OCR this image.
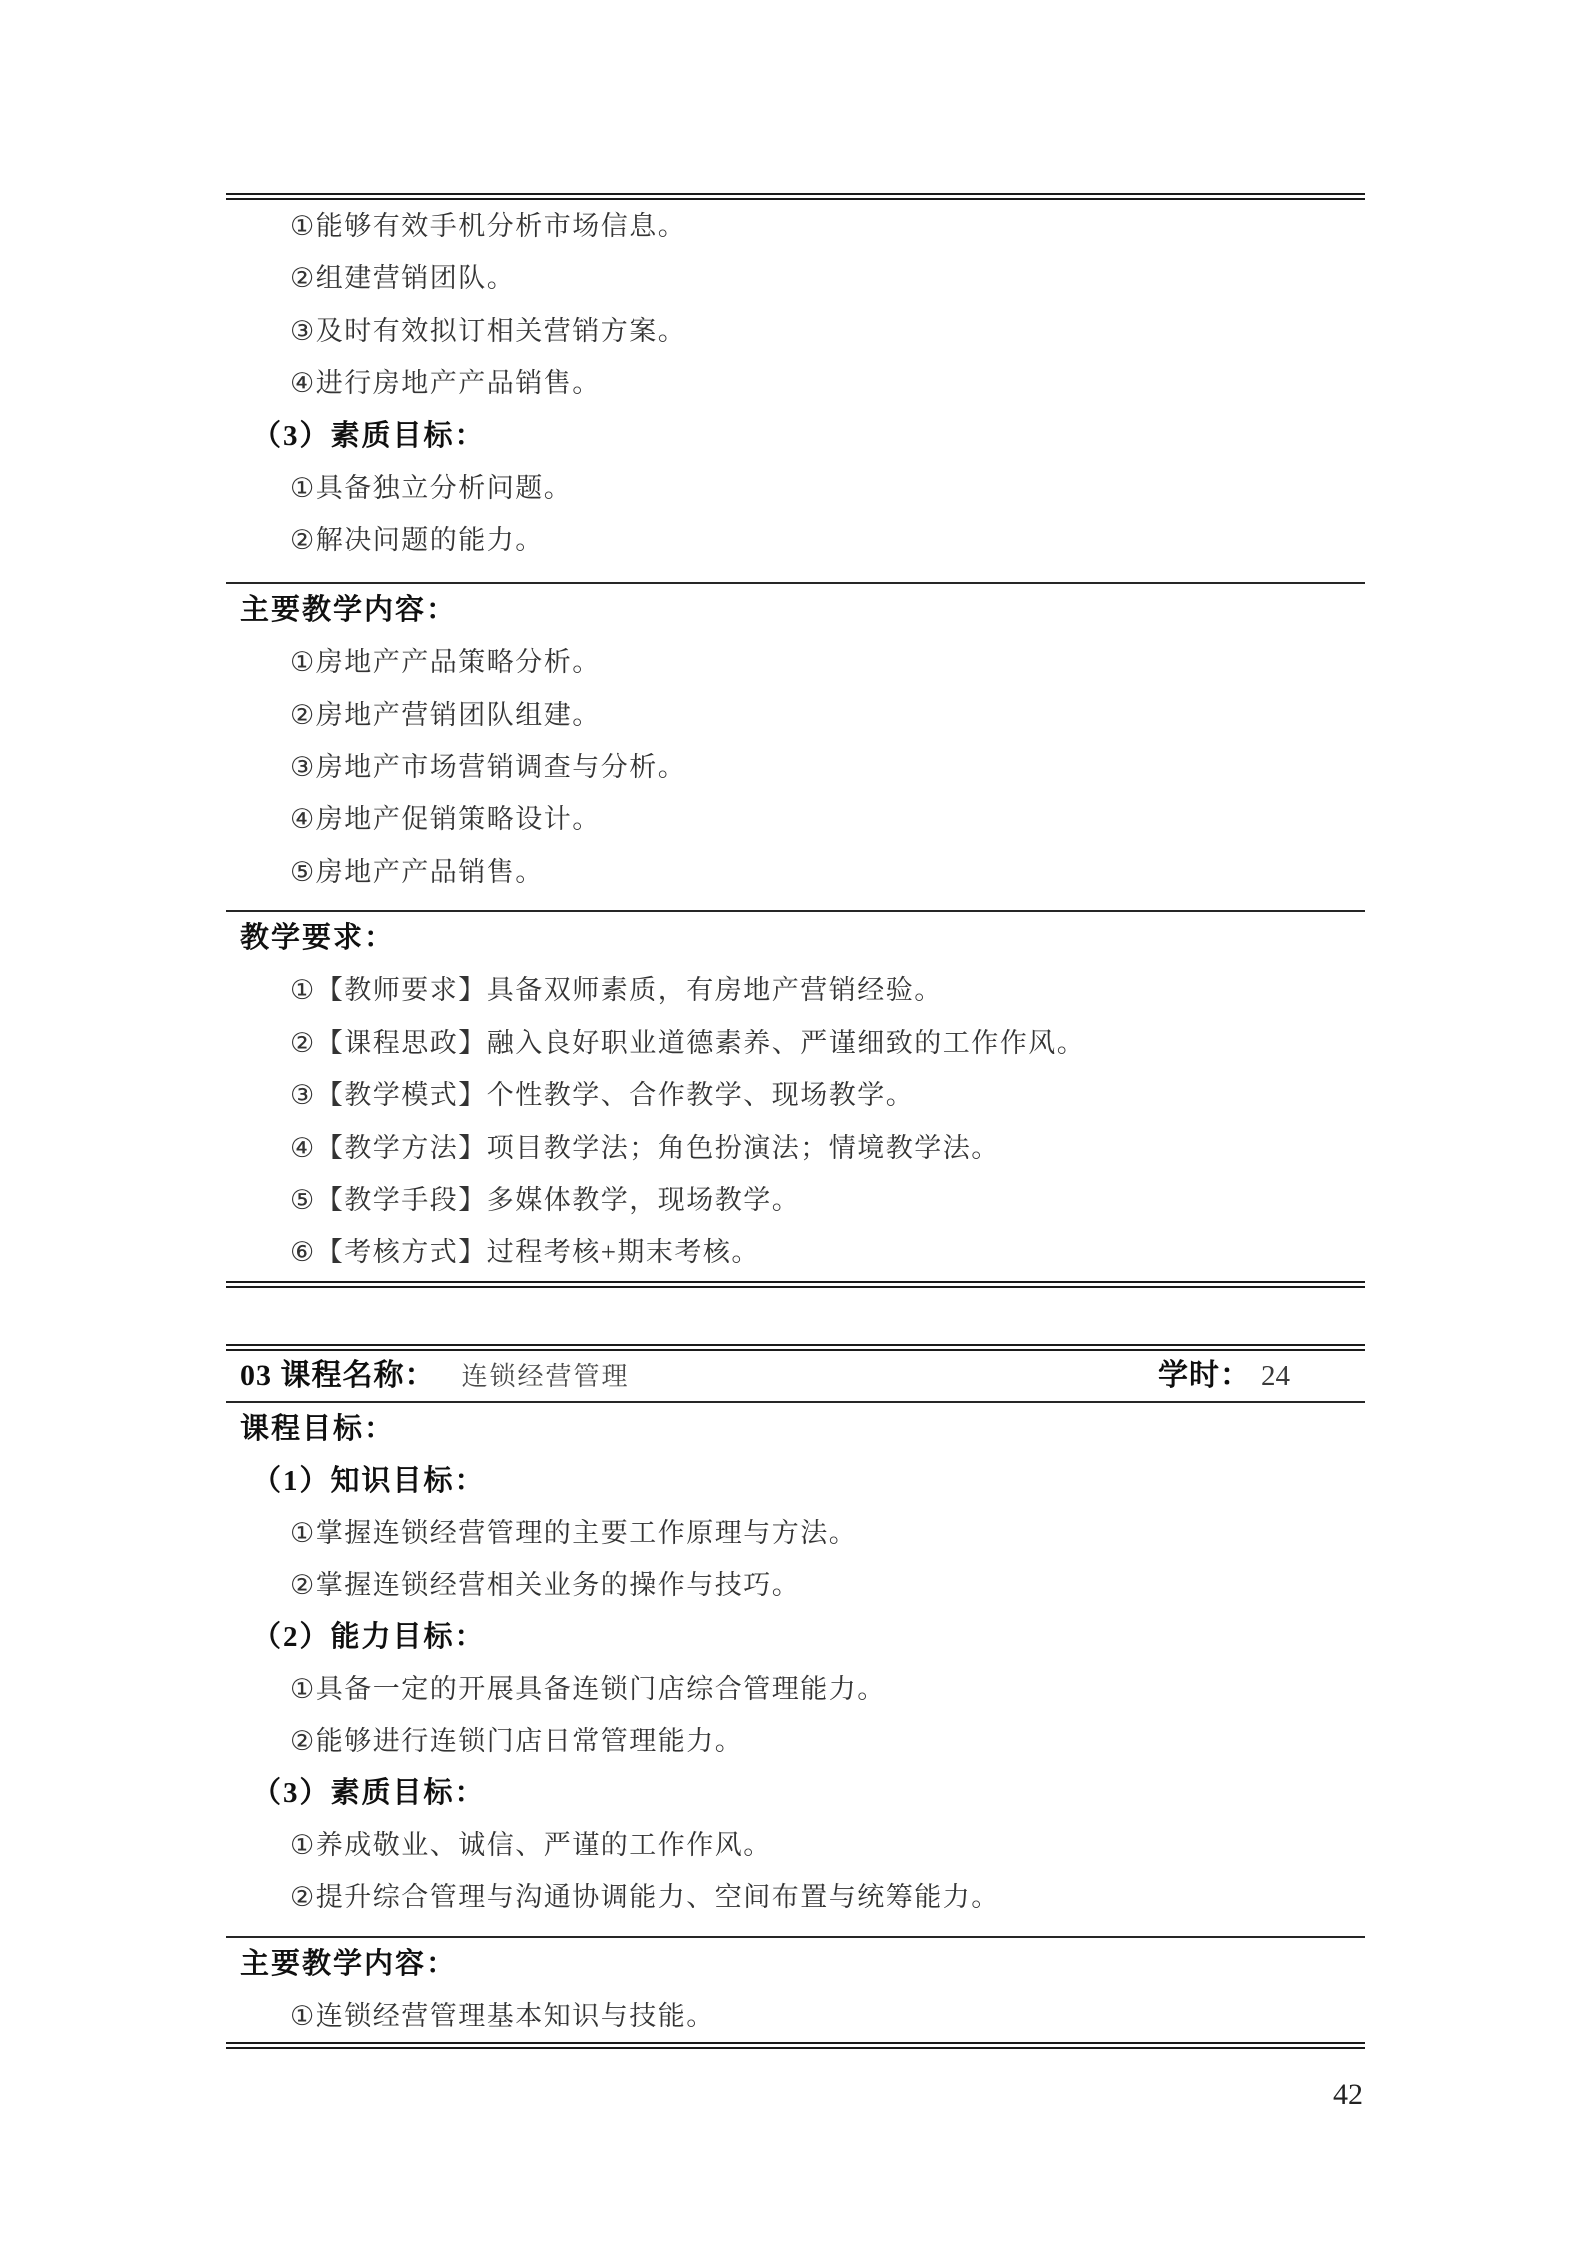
①能够有效手机分析市场信息。

②组建营销团队。

③及时有效拟订相关营销方案。

④进行房地产产品销售。

（3）素质目标：

①具备独立分析问题。

②解决问题的能力。

主要教学内容：

①房地产产品策略分析。

②房地产营销团队组建。

③房地产市场营销调查与分析。

④房地产促销策略设计。

⑤房地产产品销售。

教学要求：

①【教师要求】具备双师素质，有房地产营销经验。

②【课程思政】融入良好职业道德素养、严谨细致的工作作风。

③【教学模式】个性教学、合作教学、现场教学。

④【教学方法】项目教学法；角色扮演法；情境教学法。

⑤【教学手段】多媒体教学，现场教学。

⑥【考核方式】过程考核+期末考核。

03 课程名称： 连锁经营管理	学时： 24

课程目标：

（1）知识目标：

①掌握连锁经营管理的主要工作原理与方法。

②掌握连锁经营相关业务的操作与技巧。

（2）能力目标：

①具备一定的开展具备连锁门店综合管理能力。

②能够进行连锁门店日常管理能力。

（3）素质目标：

①养成敬业、诚信、严谨的工作作风。

②提升综合管理与沟通协调能力、空间布置与统筹能力。

主要教学内容：

①连锁经营管理基本知识与技能。

42
